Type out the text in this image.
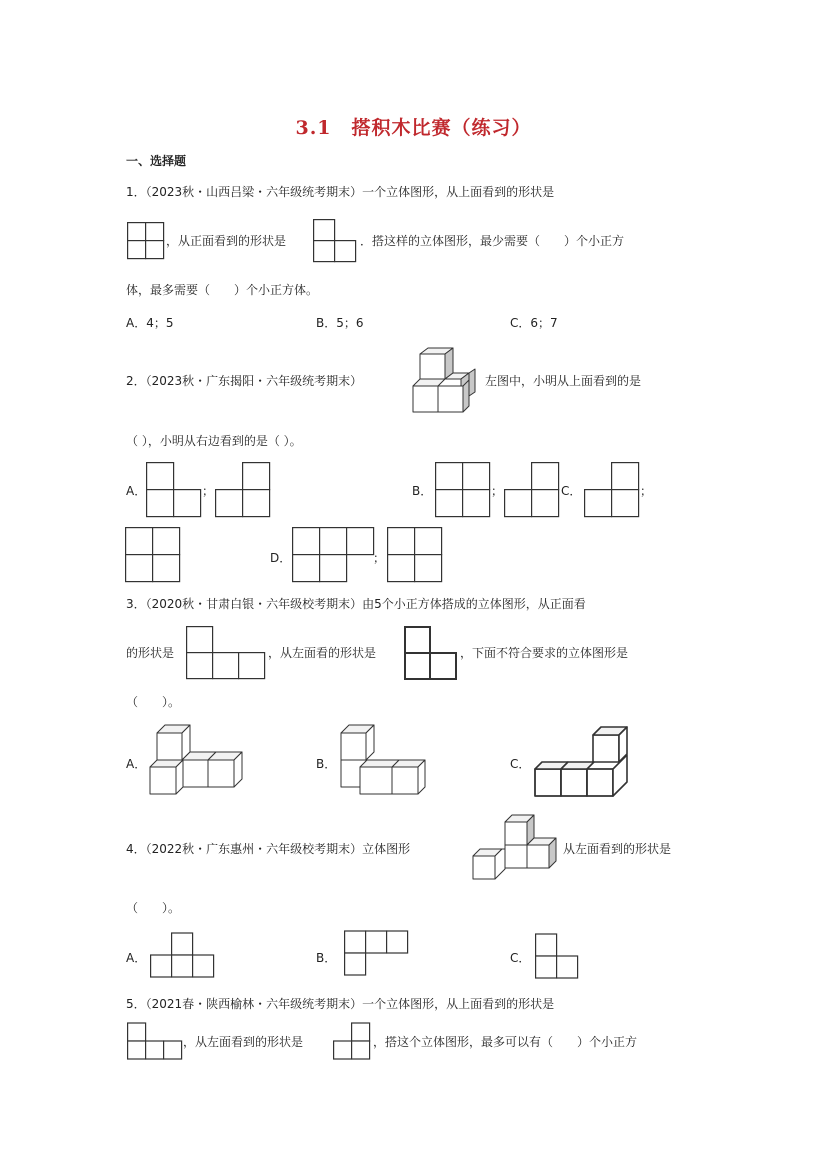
3.1　搭积木比赛（练习）
一、选择题
1．（2023秋・山西吕梁・六年级统考期末）一个立体图形，从上面看到的形状是
，从正面看到的形状是	．搭这样的立体图形，最少需要（　　）个小正方
体，最多需要（　　）个小正方体。
A．4；5	B．5；6	C．6；7
2．（2023秋・广东揭阳・六年级统考期末）	左图中，小明从上面看到的是
（ ），小明从右边看到的是（ ）。
A．	；	B．	；	C．	；
D．	；
3．（2020秋・甘肃白银・六年级校考期末）由5个小正方体搭成的立体图形，从正面看
的形状是	，从左面看的形状是	，下面不符合要求的立体图形是
（　　）。
A．	B．	C．
4．（2022秋・广东惠州・六年级校考期末）立体图形	从左面看到的形状是
（　　）。
A．	B．	C．
5．（2021春・陕西榆林・六年级统考期末）一个立体图形，从上面看到的形状是
，从左面看到的形状是	，搭这个立体图形，最多可以有（　　）个小正方
